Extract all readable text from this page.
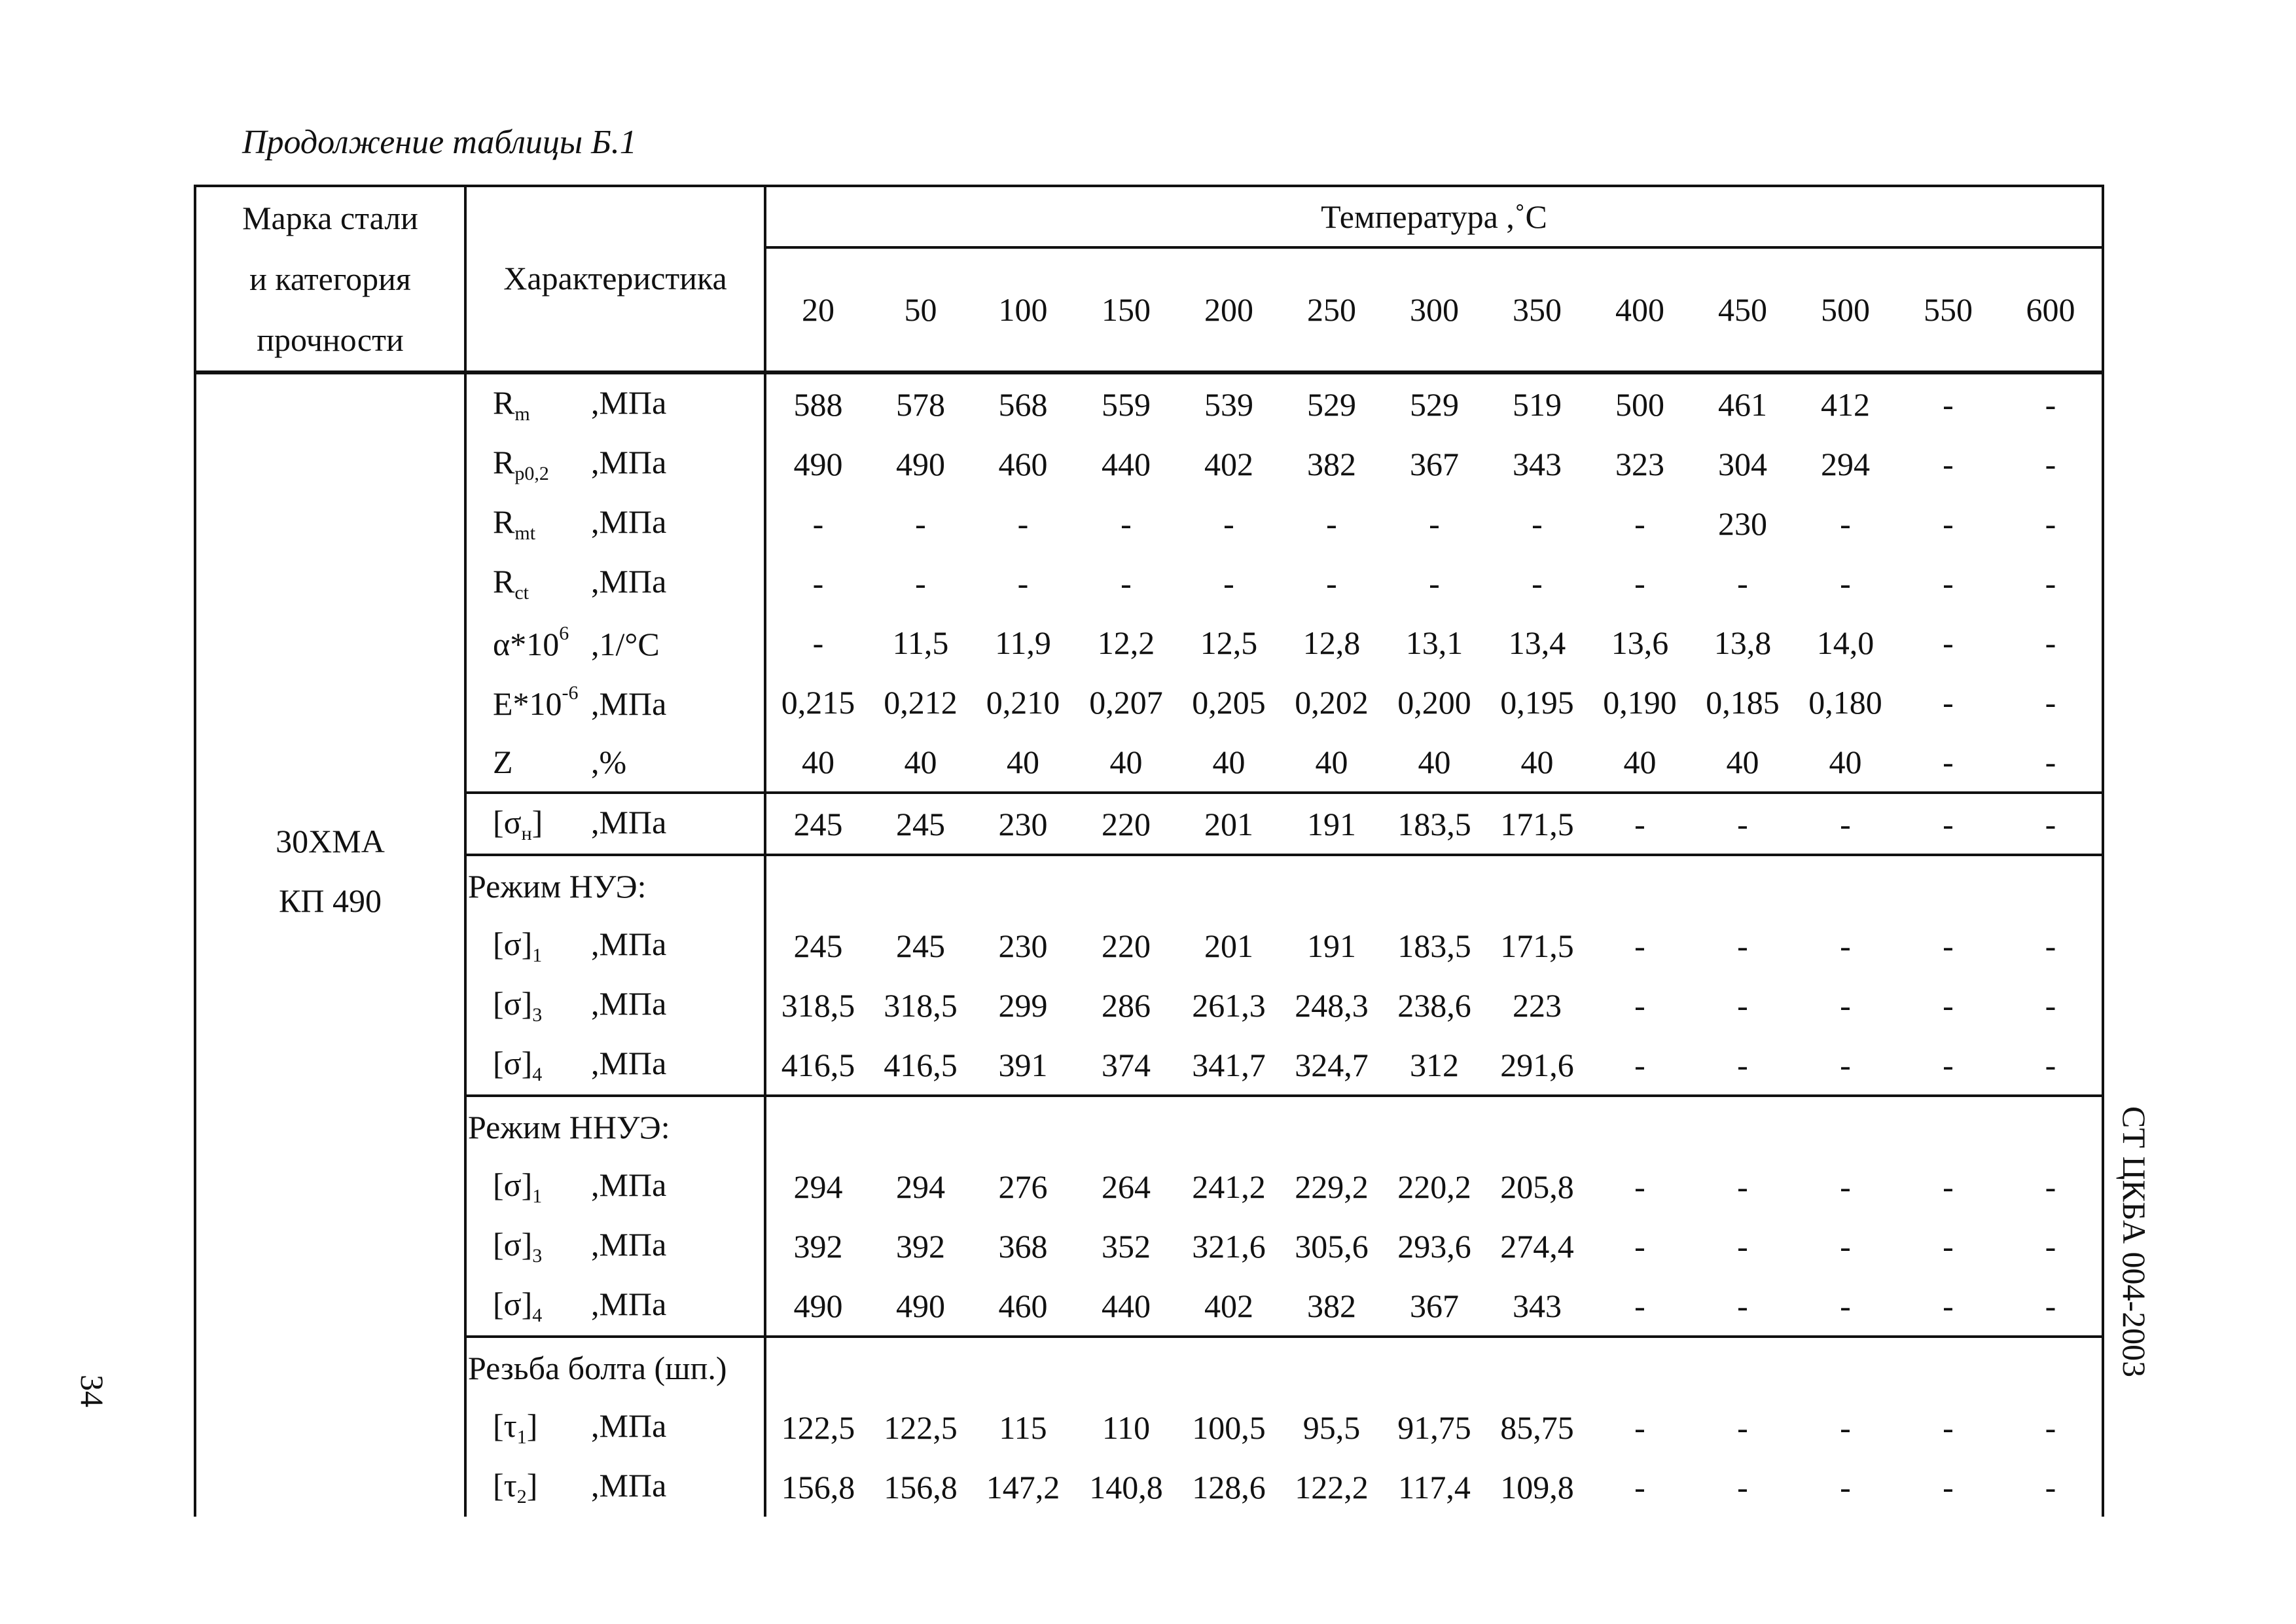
Продолжение таблицы Б.1
34
СТ ЦКБА 004-2003
Марка стали
и категория
прочности	Характеристика	Температура ,˚С												
		20	50	100	150	200	250	300	350	400	450	500	550	600

30ХМА
КП 490	$R_m$ ,МПа	588	578	568	559	539	529	529	519	500	461	412	-	-
	$R_{p0,2}$ ,МПа	490	490	460	440	402	382	367	343	323	304	294	-	-
	$R_{mt}$ ,МПа	-	-	-	-	-	-	-	-	-	230	-	-	-
	$R_{ct}$ ,МПа	-	-	-	-	-	-	-	-	-	-	-	-	-
	$\alpha*10^6$ ,1/°C	-	11,5	11,9	12,2	12,5	12,8	13,1	13,4	13,6	13,8	14,0	-	-
	$E*10^{-6}$ ,МПа	0,215	0,212	0,210	0,207	0,205	0,202	0,200	0,195	0,190	0,185	0,180	-	-
	Z ,%	40	40	40	40	40	40	40	40	40	40	40	-	-
	$[\sigma_н]$ ,МПа	245	245	230	220	201	191	183,5	171,5	-	-	-	-	-
	Режим НУЭ:													
	$[\sigma]_1$ ,МПа	245	245	230	220	201	191	183,5	171,5	-	-	-	-	-
	$[\sigma]_3$ ,МПа	318,5	318,5	299	286	261,3	248,3	238,6	223	-	-	-	-	-
	$[\sigma]_4$ ,МПа	416,5	416,5	391	374	341,7	324,7	312	291,6	-	-	-	-	-
	Режим ННУЭ:													
	$[\sigma]_1$ ,МПа	294	294	276	264	241,2	229,2	220,2	205,8	-	-	-	-	-
	$[\sigma]_3$ ,МПа	392	392	368	352	321,6	305,6	293,6	274,4	-	-	-	-	-
	$[\sigma]_4$ ,МПа	490	490	460	440	402	382	367	343	-	-	-	-	-
	Резьба болта (шп.)													
	$[\tau_1]$ ,МПа	122,5	122,5	115	110	100,5	95,5	91,75	85,75	-	-	-	-	-
	$[\tau_2]$ ,МПа	156,8	156,8	147,2	140,8	128,6	122,2	117,4	109,8	-	-	-	-	-
